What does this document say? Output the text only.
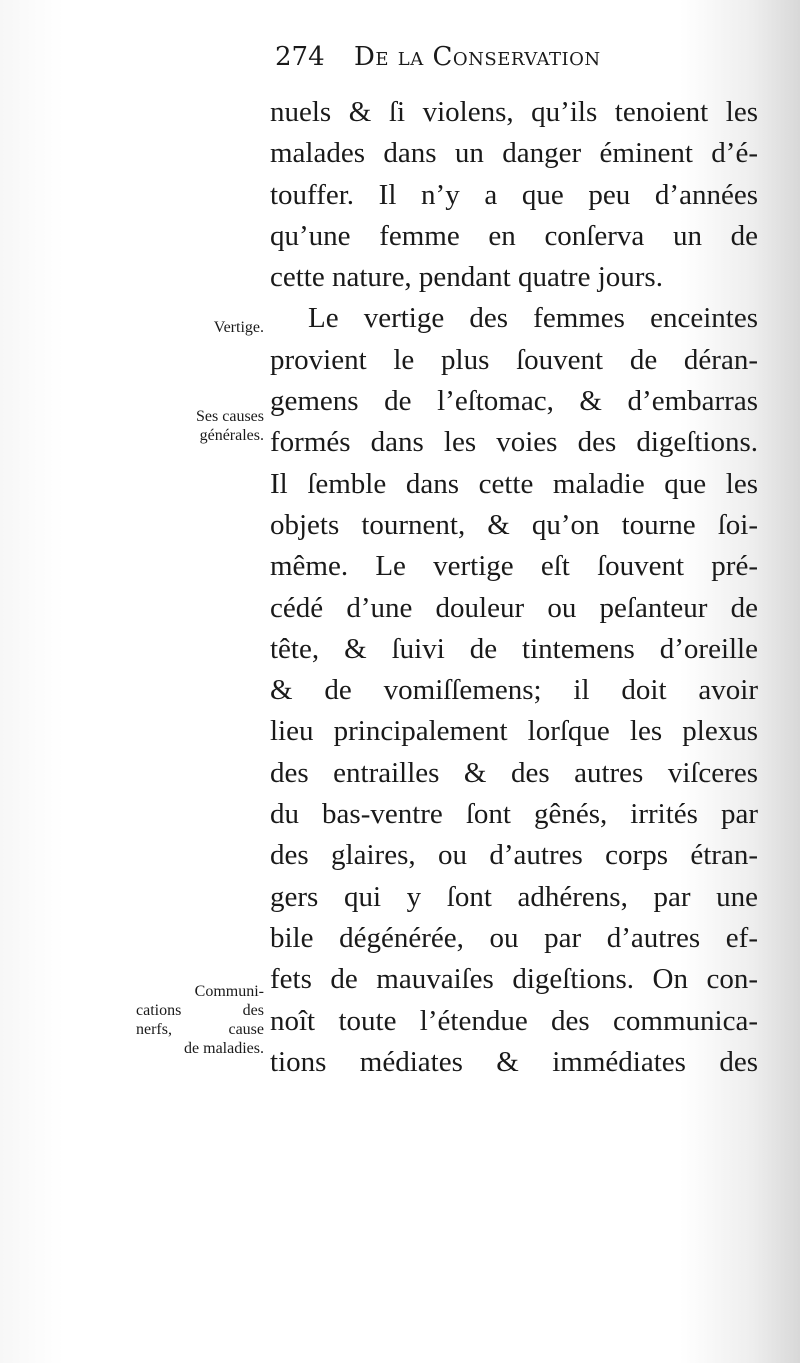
274 De la Conservation
Vertige.
Ses causes
générales.
Communi-
cations des
nerfs, cause
de maladies.
nuels & ſi violens, qu’ils tenoient les
malades dans un danger éminent d’é-
touffer. Il n’y a que peu d’années
qu’une femme en conſerva un de
cette nature, pendant quatre jours.
Le vertige des femmes enceintes
provient le plus ſouvent de déran-
gemens de l’eſtomac, & d’embarras
formés dans les voies des digeſtions.
Il ſemble dans cette maladie que les
objets tournent, & qu’on tourne ſoi-
même. Le vertige eſt ſouvent pré-
cédé d’une douleur ou peſanteur de
tête, & ſuivi de tintemens d’oreille
& de vomiſſemens; il doit avoir
lieu principalement lorſque les plexus
des entrailles & des autres viſceres
du bas-ventre ſont gênés, irrités par
des glaires, ou d’autres corps étran-
gers qui y ſont adhérens, par une
bile dégénérée, ou par d’autres ef-
fets de mauvaiſes digeſtions. On con-
noît toute l’étendue des communica-
tions médiates & immédiates des
